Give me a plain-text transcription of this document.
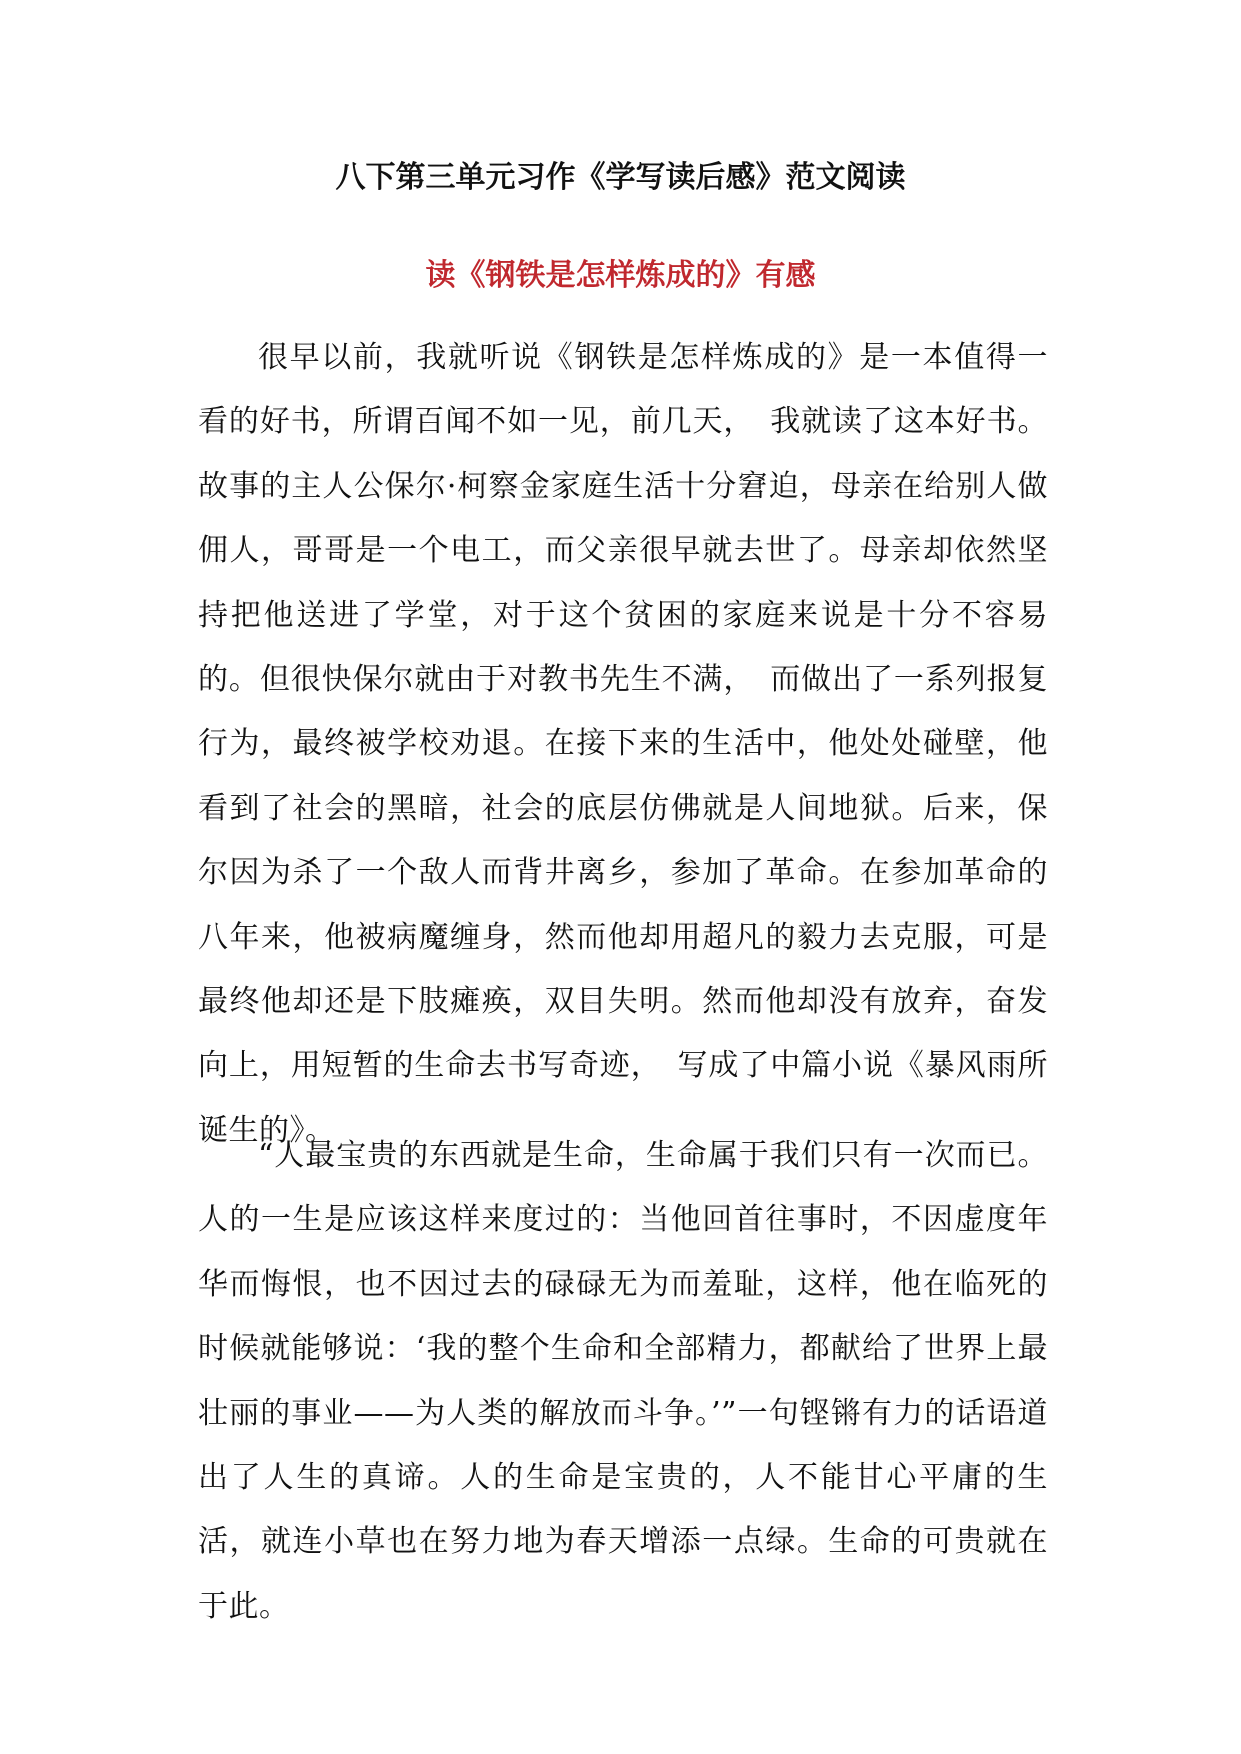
八下第三单元习作《学写读后感》范文阅读
读《钢铁是怎样炼成的》有感

很早以前，我就听说《钢铁是怎样炼成的》是一本值得一看的好书，所谓百闻不如一见，前几天，　我就读了这本好书。故事的主人公保尔·柯察金家庭生活十分窘迫，母亲在给别人做佣人，哥哥是一个电工，而父亲很早就去世了。母亲却依然坚持把他送进了学堂，对于这个贫困的家庭来说是十分不容易的。但很快保尔就由于对教书先生不满，　而做出了一系列报复行为，最终被学校劝退。在接下来的生活中，他处处碰壁，他看到了社会的黑暗，社会的底层仿佛就是人间地狱。后来，保尔因为杀了一个敌人而背井离乡，参加了革命。在参加革命的八年来，他被病魔缠身，然而他却用超凡的毅力去克服，可是最终他却还是下肢瘫痪，双目失明。然而他却没有放弃，奋发向上，用短暂的生命去书写奇迹，　写成了中篇小说《暴风雨所诞生的》。

“人最宝贵的东西就是生命，生命属于我们只有一次而已。人的一生是应该这样来度过的：当他回首往事时，不因虚度年华而悔恨，也不因过去的碌碌无为而羞耻，这样，他在临死的时候就能够说：‘我的整个生命和全部精力，都献给了世界上最壮丽的事业——为人类的解放而斗争。’”一句铿锵有力的话语道出了人生的真谛。人的生命是宝贵的，人不能甘心平庸的生活，就连小草也在努力地为春天增添一点绿。生命的可贵就在于此。
